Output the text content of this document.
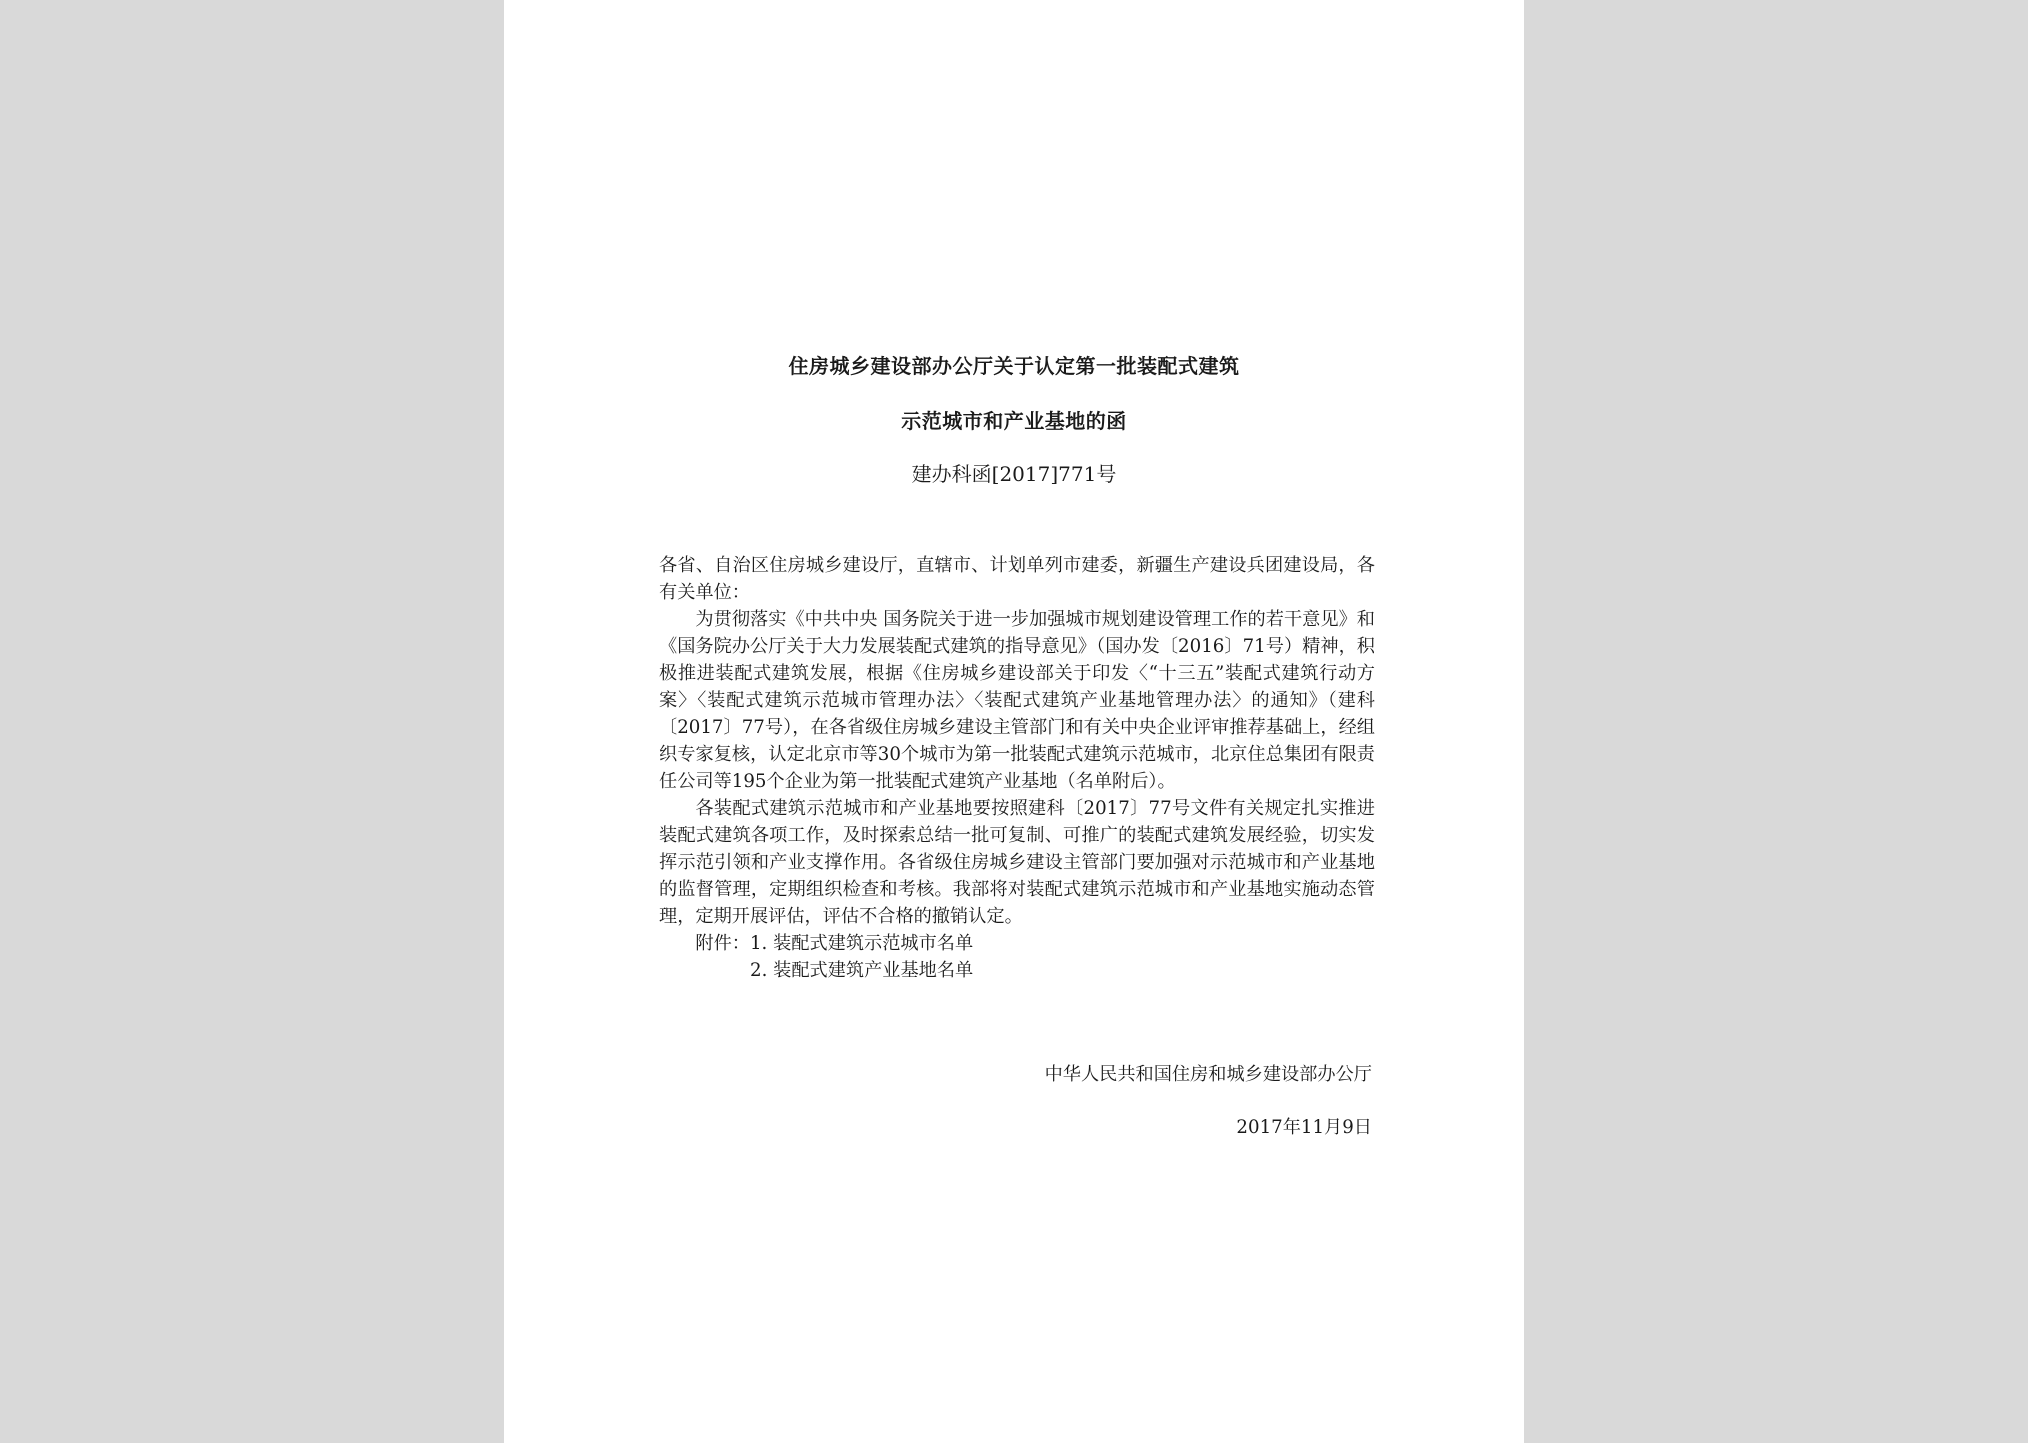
住房城乡建设部办公厅关于认定第一批装配式建筑
示范城市和产业基地的函
建办科函[2017]771号

各省、自治区住房城乡建设厅，直辖市、计划单列市建委，新疆生产建设兵团建设局，各有关单位：

为贯彻落实《中共中央 国务院关于进一步加强城市规划建设管理工作的若干意见》和《国务院办公厅关于大力发展装配式建筑的指导意见》（国办发〔2016〕71号）精神，积极推进装配式建筑发展，根据《住房城乡建设部关于印发〈“十三五”装配式建筑行动方案〉〈装配式建筑示范城市管理办法〉〈装配式建筑产业基地管理办法〉的通知》（建科〔2017〕77号），在各省级住房城乡建设主管部门和有关中央企业评审推荐基础上，经组织专家复核，认定北京市等30个城市为第一批装配式建筑示范城市，北京住总集团有限责任公司等195个企业为第一批装配式建筑产业基地（名单附后）。

各装配式建筑示范城市和产业基地要按照建科〔2017〕77号文件有关规定扎实推进装配式建筑各项工作，及时探索总结一批可复制、可推广的装配式建筑发展经验，切实发挥示范引领和产业支撑作用。各省级住房城乡建设主管部门要加强对示范城市和产业基地的监督管理，定期组织检查和考核。我部将对装配式建筑示范城市和产业基地实施动态管理，定期开展评估，评估不合格的撤销认定。

附件：1. 装配式建筑示范城市名单

2. 装配式建筑产业基地名单

中华人民共和国住房和城乡建设部办公厅
2017年11月9日
